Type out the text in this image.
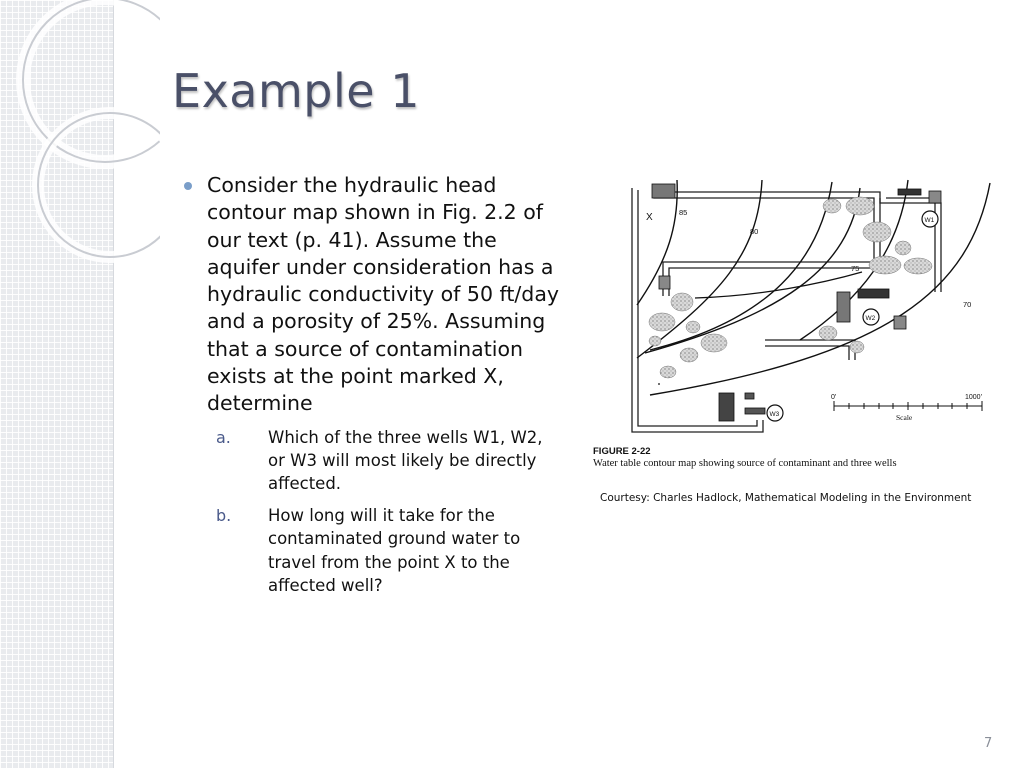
Example 1

Consider the hydraulic head contour map shown in Fig. 2.2 of our text (p. 41). Assume the aquifer under consideration has a hydraulic conductivity of 50 ft/day and a porosity of 25%. Assuming that a source of contamination exists at the point marked X, determine

a.	Which of the three wells W1, W2, or W3 will most likely be directly affected.
b.	How long will it take for the contaminated ground water to travel from the point X to the affected well?
X	85
80
75
70
W1
W2
W3
0'	1000'
Scale
FIGURE 2-22
Water table contour map showing source of contaminant and three wells
Courtesy: Charles Hadlock, Mathematical Modeling in the Environment
7
